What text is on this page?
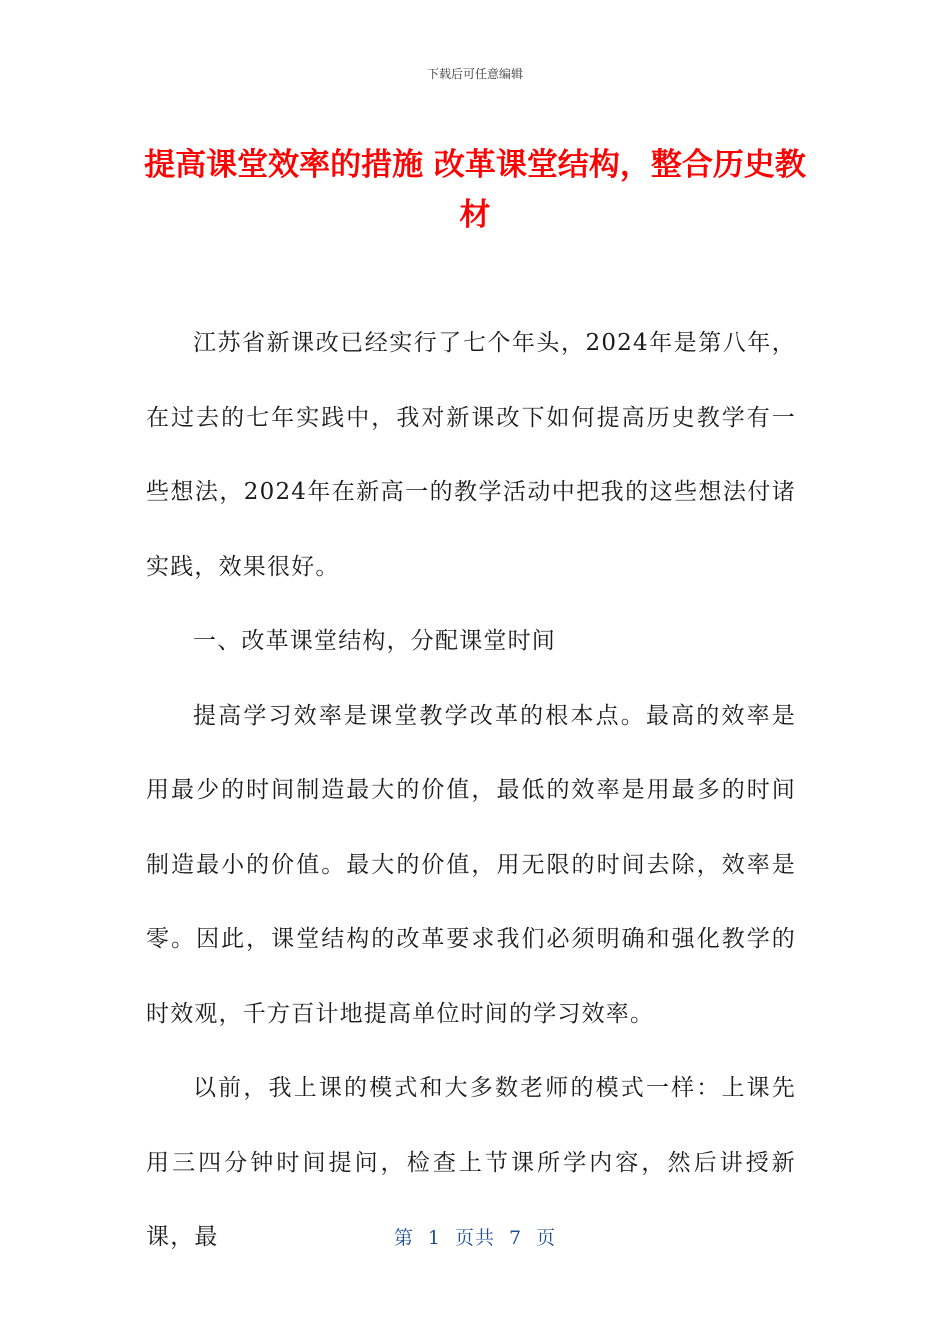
下载后可任意编辑
提高课堂效率的措施 改革课堂结构，整合历史教材

江苏省新课改已经实行了七个年头，2024年是第八年，在过去的七年实践中，我对新课改下如何提高历史教学有一些想法，2024年在新高一的教学活动中把我的这些想法付诸实践，效果很好。

一、改革课堂结构，分配课堂时间

提高学习效率是课堂教学改革的根本点。最高的效率是用最少的时间制造最大的价值，最低的效率是用最多的时间制造最小的价值。最大的价值，用无限的时间去除，效率是零。因此，课堂结构的改革要求我们必须明确和强化教学的时效观，千方百计地提高单位时间的学习效率。

以前，我上课的模式和大多数老师的模式一样：上课先用三四分钟时间提问，检查上节课所学内容，然后讲授新课，最	第 1 页共 7 页
